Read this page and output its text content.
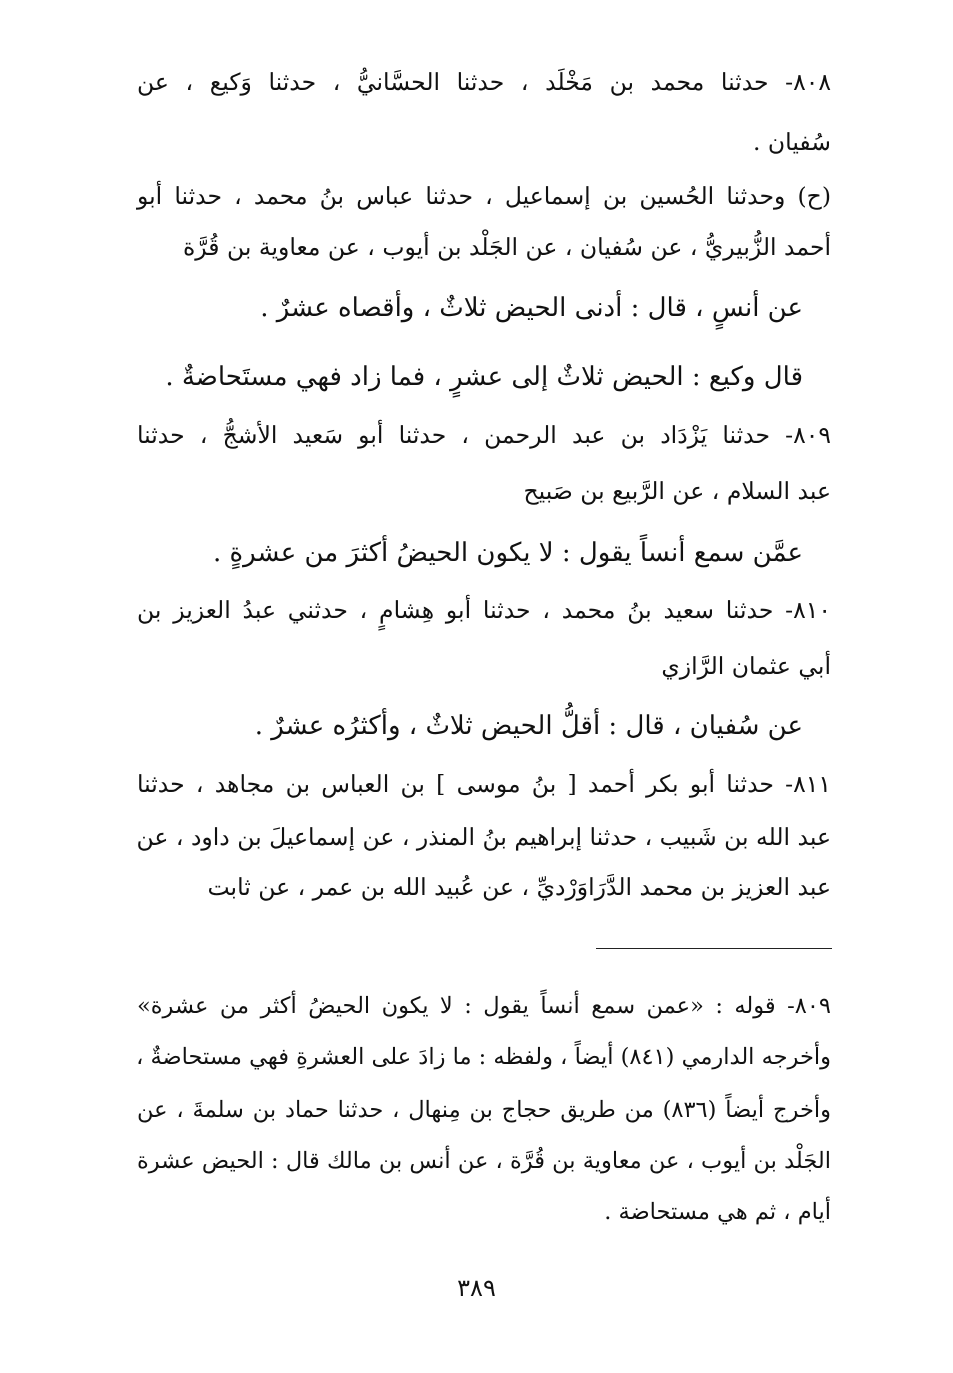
٨٠٨- حدثنا محمد بن مَخْلَد ، حدثنا الحسَّانيُّ ، حدثنا وَكيع ، عن

سُفيان .

(ح) وحدثنا الحُسين بن إسماعيل ، حدثنا عباس بنُ محمد ، حدثنا أبو

أحمد الزُّبيريُّ ، عن سُفيان ، عن الجَلْد بن أيوب ، عن معاوية بن قُرَّة

عن أنسٍ ، قال : أدنى الحيض ثلاثٌ ، وأقصاه عشرٌ .

قال وكيع : الحيض ثلاثٌ إلى عشرٍ ، فما زاد فهي مستَحاضةٌ .

٨٠٩- حدثنا يَزْدَاد بن عبد الرحمن ، حدثنا أبو سَعيد الأشجُّ ، حدثنا

عبد السلام ، عن الرَّبيع بن صَبيح

عمَّن سمع أنساً يقول : لا يكون الحيضُ أكثرَ من عشرةٍ .

٨١٠- حدثنا سعيد بنُ محمد ، حدثنا أبو هِشامٍ ، حدثني عبدُ العزيز بن

أبي عثمان الرَّازي

عن سُفيان ، قال : أقلُّ الحيض ثلاثٌ ، وأكثرُه عشرٌ .

٨١١- حدثنا أبو بكر أحمد [ بنُ موسى ] بن العباس بن مجاهد ، حدثنا

عبد الله بن شَبيب ، حدثنا إبراهيم بنُ المنذر ، عن إسماعيلَ بن داود ، عن

عبد العزيز بن محمد الدَّرَاوَرْديِّ ، عن عُبيد الله بن عمر ، عن ثابت

٨٠٩- قوله : «عمن سمع أنساً يقول : لا يكون الحيضُ أكثر من عشرة»

وأخرجه الدارمي (٨٤١) أيضاً ، ولفظه : ما زادَ على العشرةِ فهي مستحاضةٌ ،

وأخرج أيضاً (٨٣٦) من طريق حجاج بن مِنهال ، حدثنا حماد بن سلمةَ ، عن

الجَلْد بن أيوب ، عن معاوية بن قُرَّة ، عن أنس بن مالك قال : الحيض عشرة

أيام ، ثم هي مستحاضة .

٣٨٩
